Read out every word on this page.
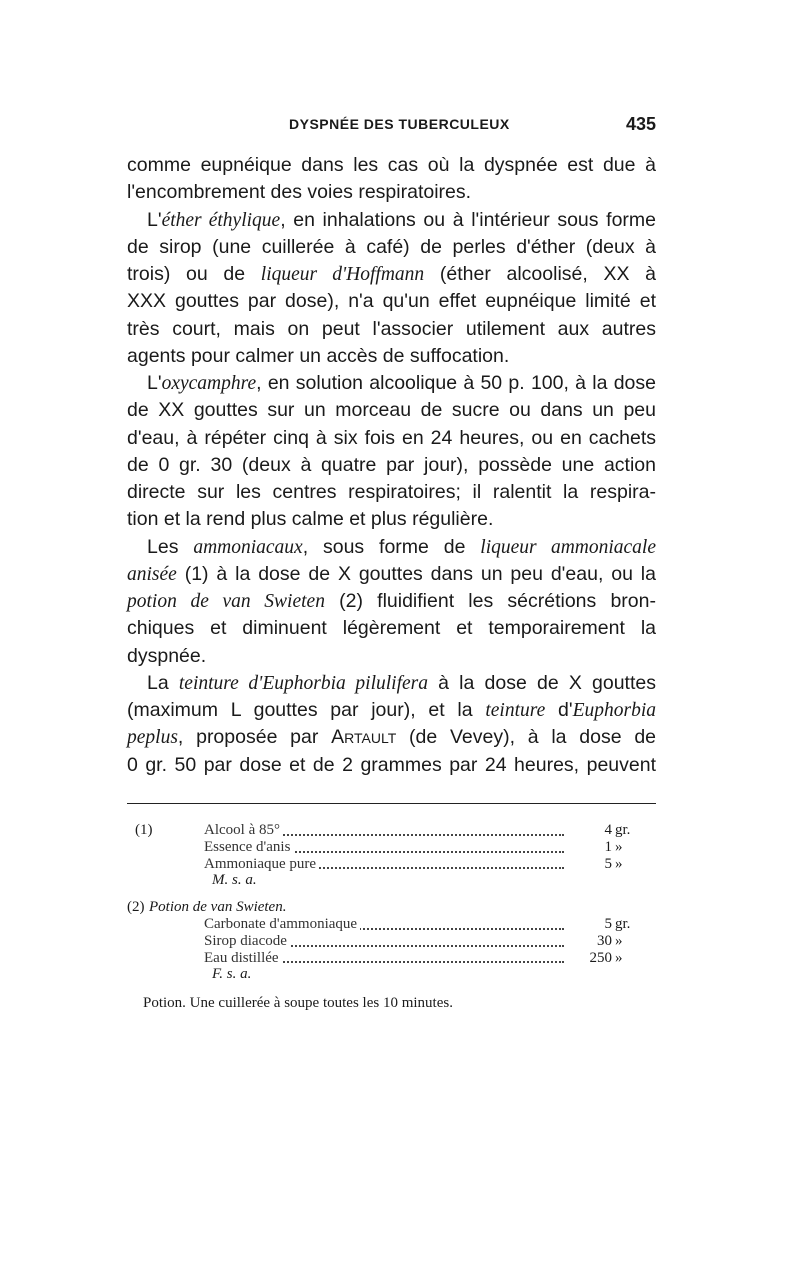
DYSPNÉE DES TUBERCULEUX	435
comme eupnéique dans les cas où la dyspnée est due à
l'encombrement des voies respiratoires.
L'éther éthylique, en inhalations ou à l'intérieur sous forme
de sirop (une cuillerée à café) de perles d'éther (deux à
trois) ou de liqueur d'Hoffmann (éther alcoolisé, XX à
XXX gouttes par dose), n'a qu'un effet eupnéique limité et
très court, mais on peut l'associer utilement aux autres
agents pour calmer un accès de suffocation.
L'oxycamphre, en solution alcoolique à 50 p. 100, à la dose
de XX gouttes sur un morceau de sucre ou dans un peu
d'eau, à répéter cinq à six fois en 24 heures, ou en cachets
de 0 gr. 30 (deux à quatre par jour), possède une action
directe sur les centres respiratoires; il ralentit la respira-
tion et la rend plus calme et plus régulière.
Les ammoniacaux, sous forme de liqueur ammoniacale
anisée (1) à la dose de X gouttes dans un peu d'eau, ou la
potion de van Swieten (2) fluidifient les sécrétions bron-
chiques et diminuent légèrement et temporairement la
dyspnée.
La teinture d'Euphorbia pilulifera à la dose de X gouttes
(maximum L gouttes par jour), et la teinture d'Euphorbia
peplus, proposée par Artault (de Vevey), à la dose de
0 gr. 50 par dose et de 2 grammes par 24 heures, peuvent
(1)	Alcool à 85°	4 gr.
Essence d'anis	1 »
Ammoniaque pure	5 »
M. s. a.
(2) Potion de van Swieten.
Carbonate d'ammoniaque	5 gr.
Sirop diacode	30 »
Eau distillée	250 »
F. s. a.
Potion. Une cuillerée à soupe toutes les 10 minutes.
